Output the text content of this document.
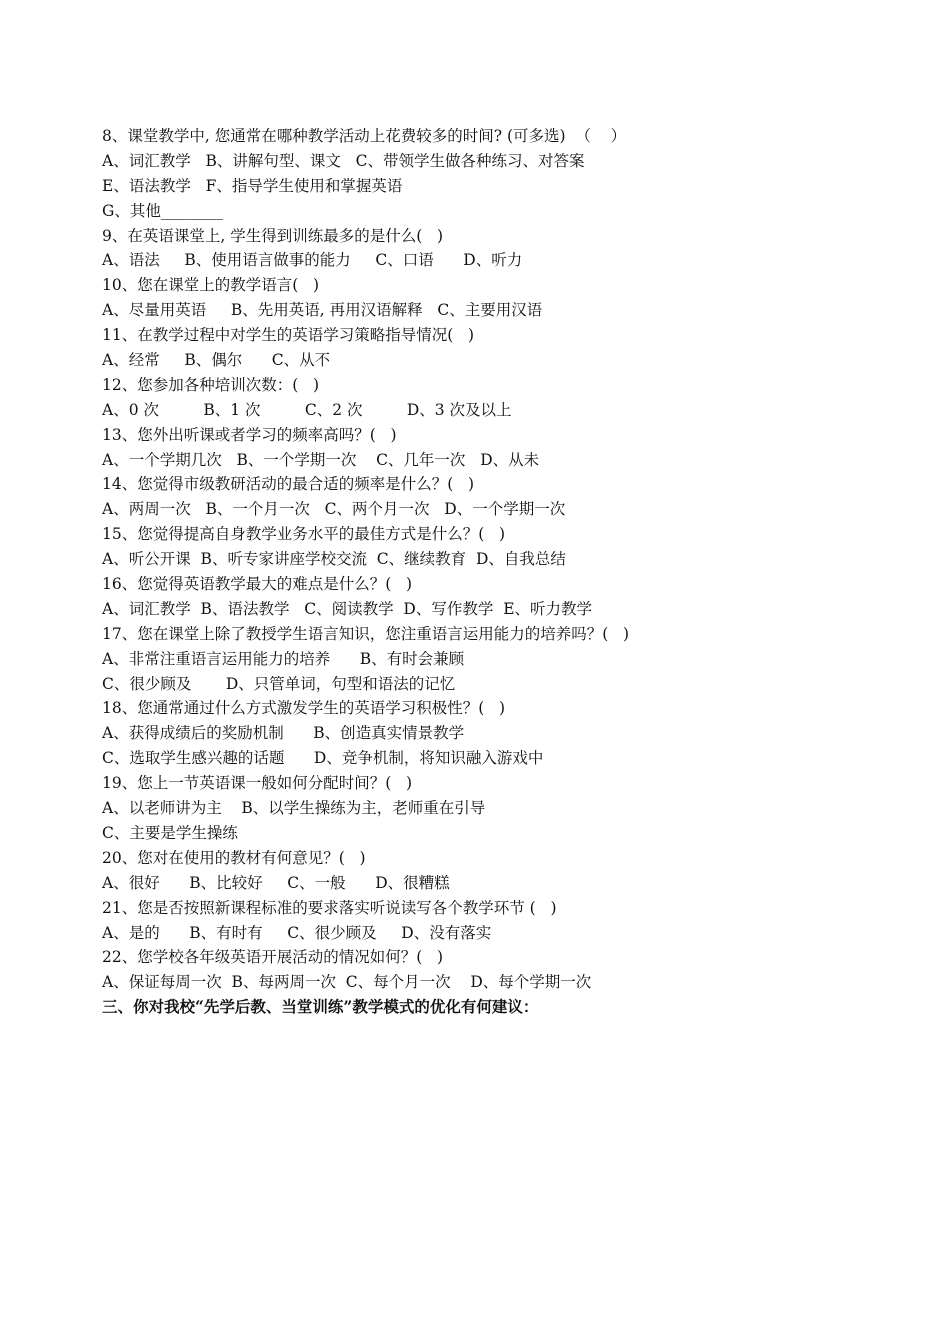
8、课堂教学中, 您通常在哪种教学活动上花费较多的时间? (可多选)  （    ）
A、词汇教学   B、讲解句型、课文   C、带领学生做各种练习、对答案
E、语法教学   F、指导学生使用和掌握英语
G、其他________
9、在英语课堂上, 学生得到训练最多的是什么(   )
A、语法     B、使用语言做事的能力     C、口语      D、听力
10、您在课堂上的教学语言(   )
A、尽量用英语     B、先用英语, 再用汉语解释   C、主要用汉语
11、在教学过程中对学生的英语学习策略指导情况(   )
A、经常     B、偶尔      C、从不
12、您参加各种培训次数：(   )
A、0 次         B、1 次         C、2 次         D、3 次及以上
13、您外出听课或者学习的频率高吗？(   )
A、一个学期几次   B、一个学期一次    C、几年一次   D、从未
14、您觉得市级教研活动的最合适的频率是什么？(   )
A、两周一次   B、一个月一次   C、两个月一次   D、一个学期一次
15、您觉得提高自身教学业务水平的最佳方式是什么？(   )
A、听公开课  B、听专家讲座学校交流  C、继续教育  D、自我总结
16、您觉得英语教学最大的难点是什么？(   )
A、词汇教学  B、语法教学   C、阅读教学  D、写作教学  E、听力教学
17、您在课堂上除了教授学生语言知识，您注重语言运用能力的培养吗？(   )
A、非常注重语言运用能力的培养      B、有时会兼顾
C、很少顾及       D、只管单词，句型和语法的记忆
18、您通常通过什么方式激发学生的英语学习积极性？(   )
A、获得成绩后的奖励机制      B、创造真实情景教学
C、选取学生感兴趣的话题      D、竞争机制，将知识融入游戏中
19、您上一节英语课一般如何分配时间？(   )
A、以老师讲为主    B、以学生操练为主，老师重在引导
C、主要是学生操练
20、您对在使用的教材有何意见？(   )
A、很好      B、比较好     C、一般      D、很糟糕
21、您是否按照新课程标准的要求落实听说读写各个教学环节 (   )
A、是的      B、有时有     C、很少顾及     D、没有落实
22、您学校各年级英语开展活动的情况如何？(   )
A、保证每周一次  B、每两周一次  C、每个月一次    D、每个学期一次
三、你对我校“先学后教、当堂训练”教学模式的优化有何建议：
